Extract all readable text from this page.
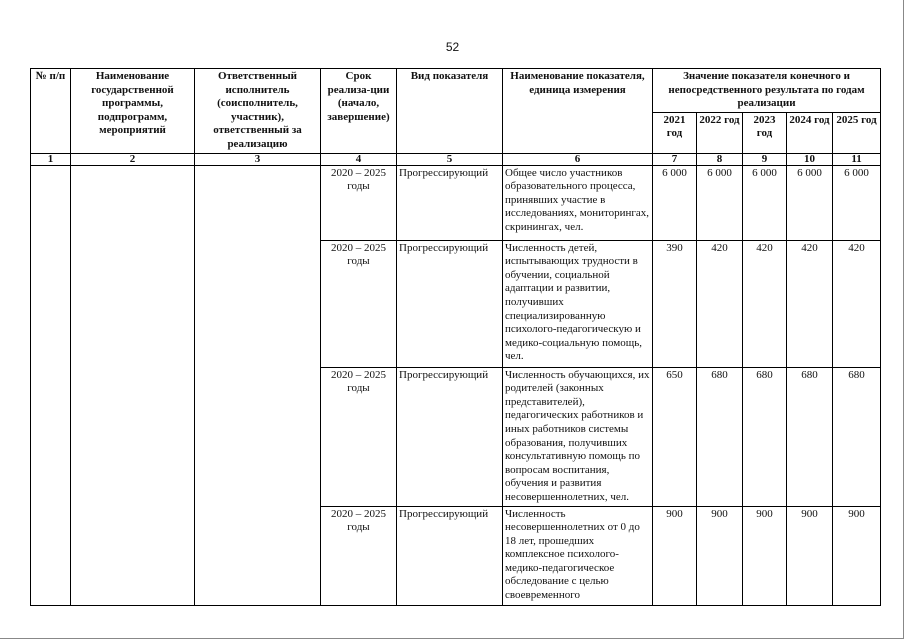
52
№ п/п	Наименование государственной программы, подпрограмм, мероприятий	Ответственный исполнитель (соисполнитель, участник), ответственный за реализацию	Срок реализа-ции (начало, завершение)	Вид показателя	Наименование показателя, единица измерения	Значение показателя конечного и непосредственного результата по годам реализации				
						2021 год	2022 год	2023 год	2024 год	2025 год
1	2	3	4	5	6	7	8	9	10	11
			2020 – 2025 годы	Прогрессирующий	Общее число участников образовательного процесса, принявших участие в исследованиях, мониторингах, скринингах, чел.	6 000	6 000	6 000	6 000	6 000
			2020 – 2025 годы	Прогрессирующий	Численность детей, испытывающих трудности в обучении, социальной адаптации и развитии, получивших специализированную психолого-педагогическую и медико-социальную помощь, чел.	390	420	420	420	420
			2020 – 2025 годы	Прогрессирующий	Численность обучающихся, их родителей (законных представителей), педагогических работников и иных работников системы образования, получивших консультативную помощь по вопросам воспитания, обучения и развития несовершеннолетних, чел.	650	680	680	680	680
			2020 – 2025 годы	Прогрессирующий	Численность несовершеннолетних от 0 до 18 лет, прошедших комплексное психолого-медико-педагогическое обследование с целью своевременного	900	900	900	900	900
